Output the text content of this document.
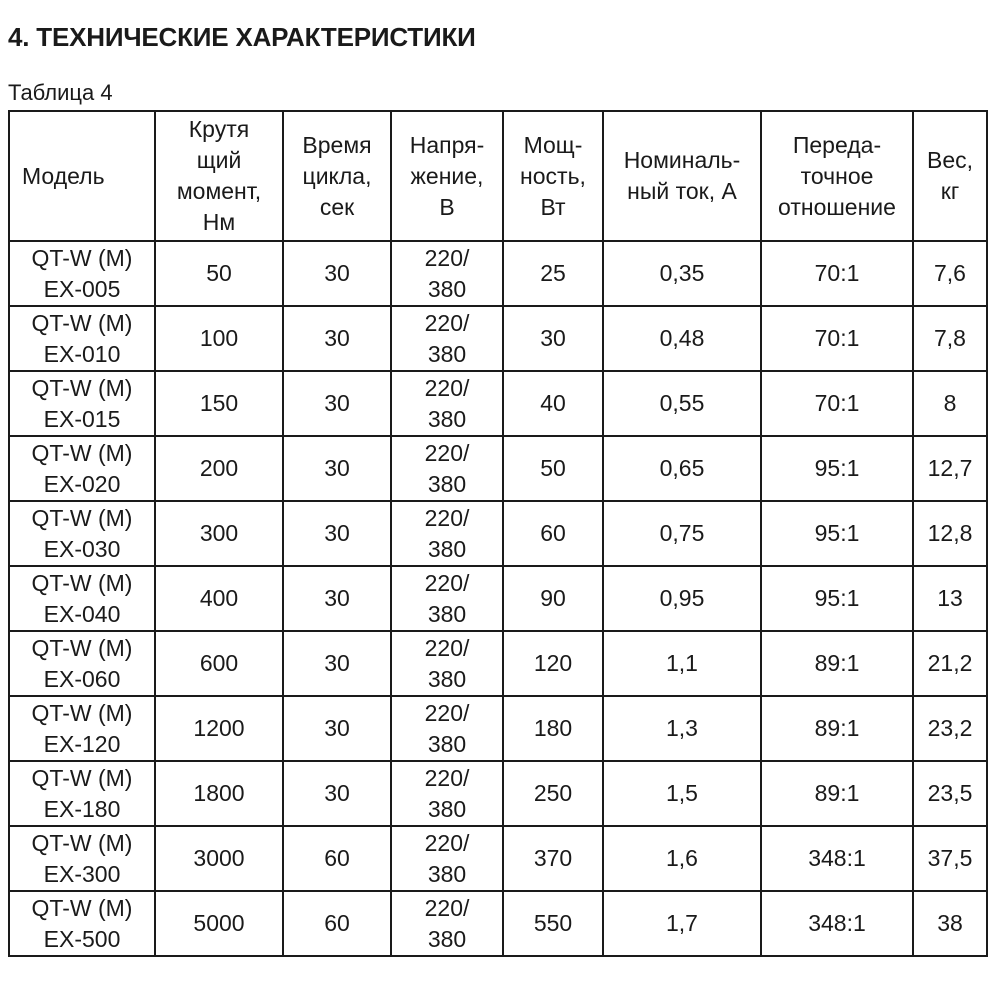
4. ТЕХНИЧЕСКИЕ ХАРАКТЕРИСТИКИ

Таблица 4

Модель	Крутя
щий
момент,
Нм	Время
цикла,
сек	Напря-
жение,
В	Мощ-
ность,
Вт	Номиналь-
ный ток, А	Переда-
точное
отношение	Вес,
кг

QT-W (M)
EX-005	50	30	220/
380	25	0,35	70:1	7,6

QT-W (M)
EX-010	100	30	220/
380	30	0,48	70:1	7,8

QT-W (M)
EX-015	150	30	220/
380	40	0,55	70:1	8

QT-W (M)
EX-020	200	30	220/
380	50	0,65	95:1	12,7

QT-W (M)
EX-030	300	30	220/
380	60	0,75	95:1	12,8

QT-W (M)
EX-040	400	30	220/
380	90	0,95	95:1	13

QT-W (M)
EX-060	600	30	220/
380	120	1,1	89:1	21,2

QT-W (M)
EX-120	1200	30	220/
380	180	1,3	89:1	23,2

QT-W (M)
EX-180	1800	30	220/
380	250	1,5	89:1	23,5

QT-W (M)
EX-300	3000	60	220/
380	370	1,6	348:1	37,5

QT-W (M)
EX-500	5000	60	220/
380	550	1,7	348:1	38
